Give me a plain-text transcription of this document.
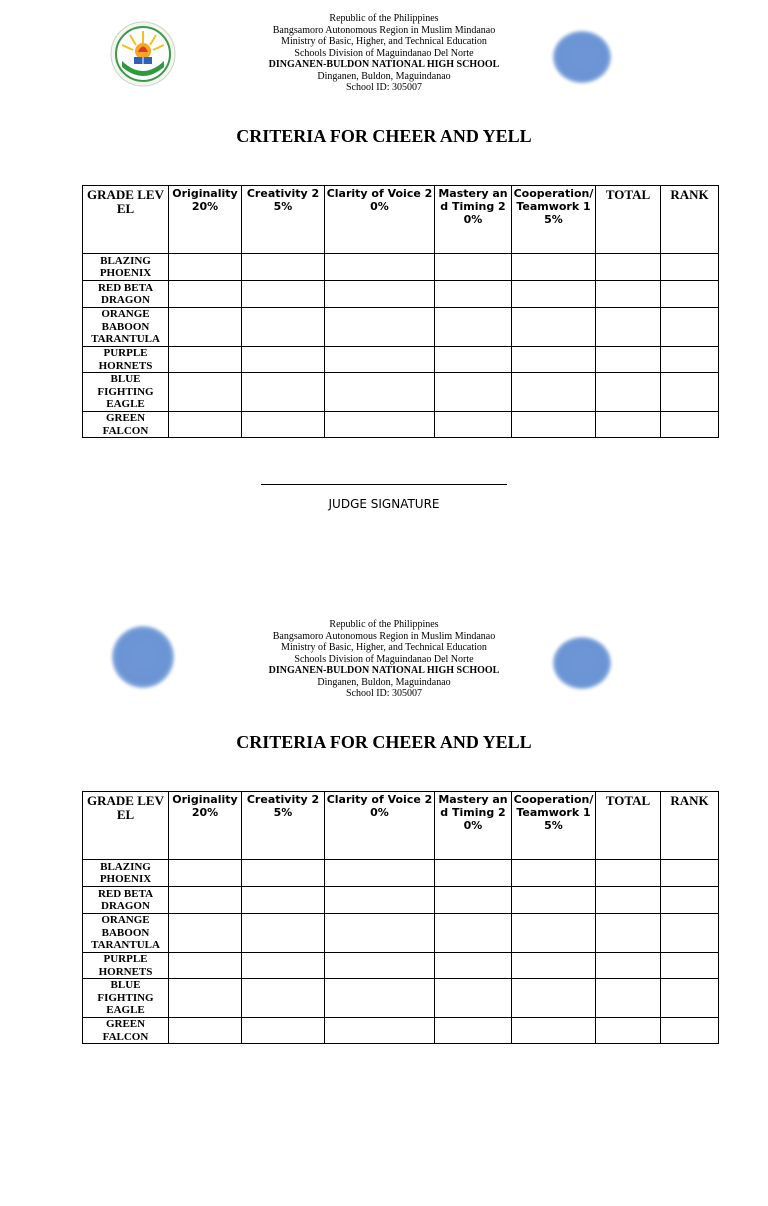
Republic of the Philippines
Bangsamoro Autonomous Region in Muslim Mindanao
Ministry of Basic, Higher, and Technical Education
Schools Division of Maguindanao Del Norte
DINGANEN-BULDON NATIONAL HIGH SCHOOL
Dinganen, Buldon, Maguindanao
School ID: 305007
CRITERIA FOR CHEER AND YELL
GRADE LEVEL	Originality 20%	Creativity 25%	Clarity of Voice 20%	Mastery and Timing 20%	Cooperation/ Teamwork 15%	TOTAL	RANK
BLAZING PHOENIX							
RED BETA DRAGON							
ORANGE BABOON TARANTULA							
PURPLE HORNETS							
BLUE FIGHTING EAGLE							
GREEN FALCON							
JUDGE SIGNATURE
Republic of the Philippines
Bangsamoro Autonomous Region in Muslim Mindanao
Ministry of Basic, Higher, and Technical Education
Schools Division of Maguindanao Del Norte
DINGANEN-BULDON NATIONAL HIGH SCHOOL
Dinganen, Buldon, Maguindanao
School ID: 305007
CRITERIA FOR CHEER AND YELL
GRADE LEVEL	Originality 20%	Creativity 25%	Clarity of Voice 20%	Mastery and Timing 20%	Cooperation/ Teamwork 15%	TOTAL	RANK
BLAZING PHOENIX							
RED BETA DRAGON							
ORANGE BABOON TARANTULA							
PURPLE HORNETS							
BLUE FIGHTING EAGLE							
GREEN FALCON							
